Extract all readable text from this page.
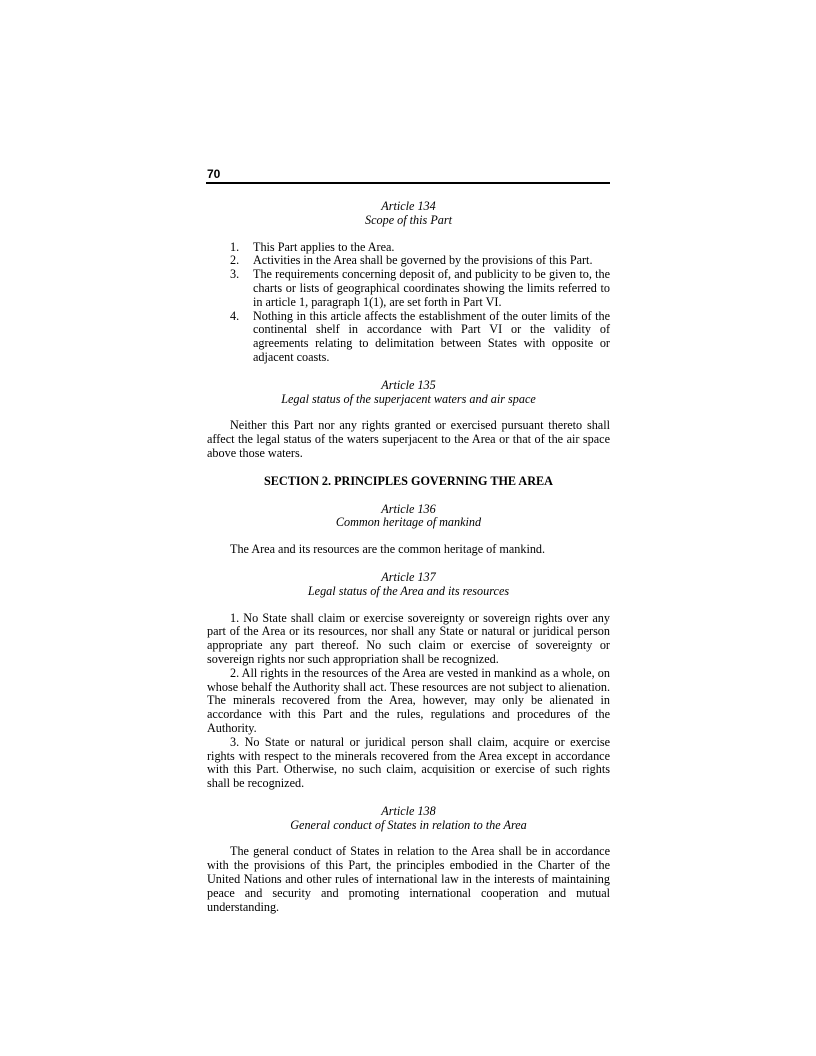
70
Article 134
Scope of this Part
1. This Part applies to the Area.
2. Activities in the Area shall be governed by the provisions of this Part.
3. The requirements concerning deposit of, and publicity to be given to, the charts or lists of geographical coordinates showing the limits referred to in article 1, paragraph 1(1), are set forth in Part VI.
4. Nothing in this article affects the establishment of the outer limits of the continental shelf in accordance with Part VI or the validity of agreements relating to delimitation between States with opposite or adjacent coasts.
Article 135
Legal status of the superjacent waters and air space

Neither this Part nor any rights granted or exercised pursuant thereto shall affect the legal status of the waters superjacent to the Area or that of the air space above those waters.

SECTION 2. PRINCIPLES GOVERNING THE AREA
Article 136
Common heritage of mankind

The Area and its resources are the common heritage of mankind.

Article 137
Legal status of the Area and its resources

1. No State shall claim or exercise sovereignty or sovereign rights over any part of the Area or its resources, nor shall any State or natural or juridical person appropriate any part thereof. No such claim or exercise of sovereignty or sovereign rights nor such appropriation shall be recognized.

2. All rights in the resources of the Area are vested in mankind as a whole, on whose behalf the Authority shall act. These resources are not subject to alienation. The minerals recovered from the Area, however, may only be alienated in accordance with this Part and the rules, regulations and procedures of the Authority.

3. No State or natural or juridical person shall claim, acquire or exercise rights with respect to the minerals recovered from the Area except in accordance with this Part. Otherwise, no such claim, acquisition or exercise of such rights shall be recognized.

Article 138
General conduct of States in relation to the Area

The general conduct of States in relation to the Area shall be in accordance with the provisions of this Part, the principles embodied in the Charter of the United Nations and other rules of international law in the interests of maintaining peace and security and promoting international cooperation and mutual understanding.
